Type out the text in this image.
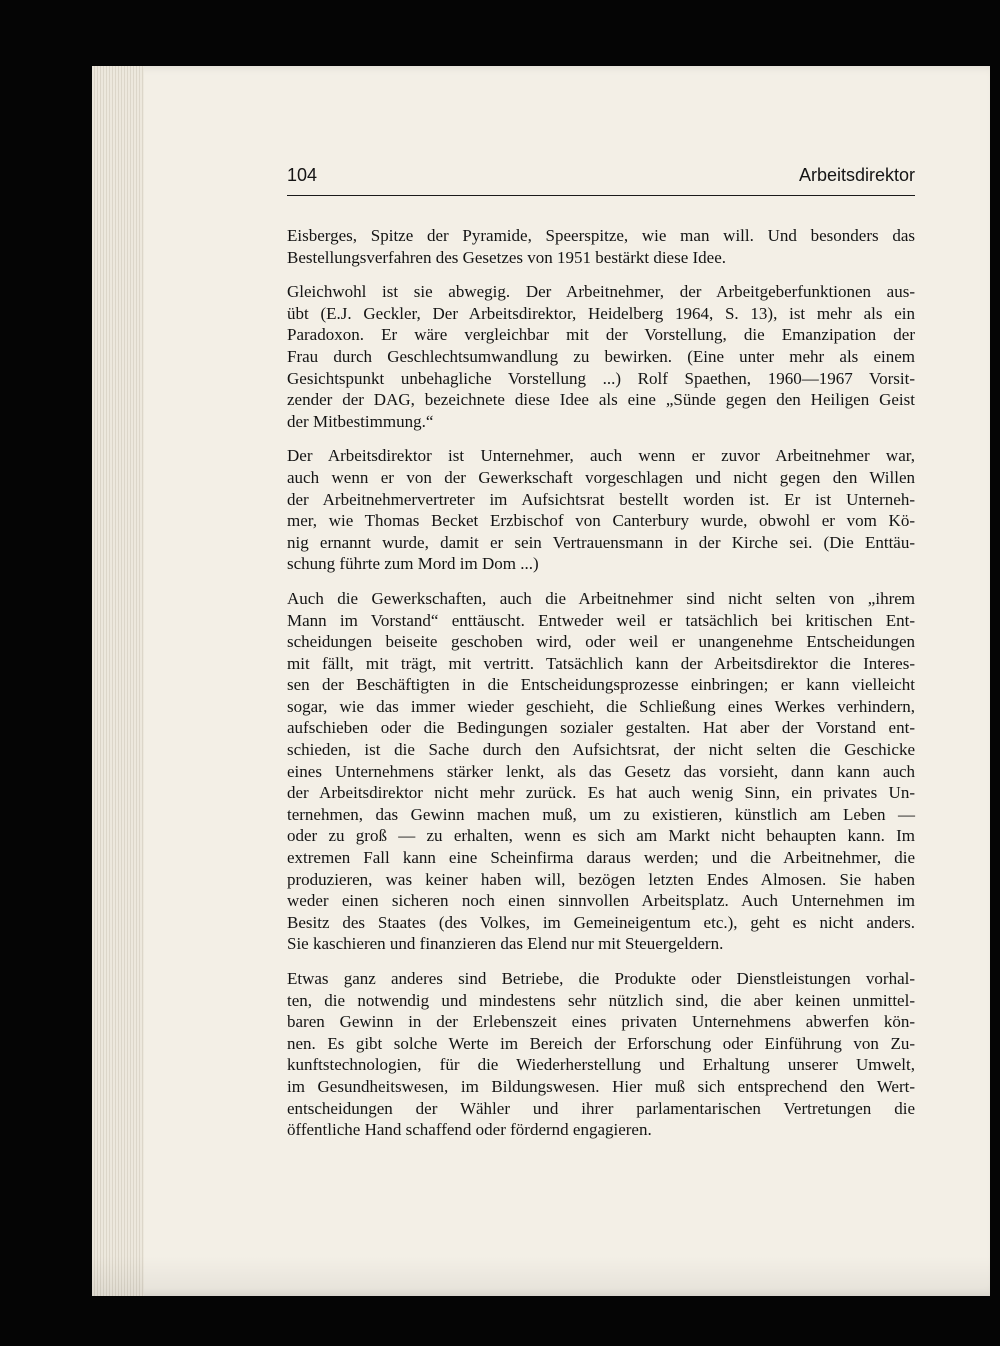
104	Arbeitsdirektor
Eisberges, Spitze der Pyramide, Speerspitze, wie man will. Und besonders das
Bestellungsverfahren des Gesetzes von 1951 bestärkt diese Idee.
Gleichwohl ist sie abwegig. Der Arbeitnehmer, der Arbeitgeberfunktionen aus-
übt (E.J. Geckler, Der Arbeitsdirektor, Heidelberg 1964, S. 13), ist mehr als ein
Paradoxon. Er wäre vergleichbar mit der Vorstellung, die Emanzipation der
Frau durch Geschlechtsumwandlung zu bewirken. (Eine unter mehr als einem
Gesichtspunkt unbehagliche Vorstellung ...) Rolf Spaethen, 1960—1967 Vorsit-
zender der DAG, bezeichnete diese Idee als eine „Sünde gegen den Heiligen Geist
der Mitbestimmung.“
Der Arbeitsdirektor ist Unternehmer, auch wenn er zuvor Arbeitnehmer war,
auch wenn er von der Gewerkschaft vorgeschlagen und nicht gegen den Willen
der Arbeitnehmervertreter im Aufsichtsrat bestellt worden ist. Er ist Unterneh-
mer, wie Thomas Becket Erzbischof von Canterbury wurde, obwohl er vom Kö-
nig ernannt wurde, damit er sein Vertrauensmann in der Kirche sei. (Die Enttäu-
schung führte zum Mord im Dom ...)
Auch die Gewerkschaften, auch die Arbeitnehmer sind nicht selten von „ihrem
Mann im Vorstand“ enttäuscht. Entweder weil er tatsächlich bei kritischen Ent-
scheidungen beiseite geschoben wird, oder weil er unangenehme Entscheidungen
mit fällt, mit trägt, mit vertritt. Tatsächlich kann der Arbeitsdirektor die Interes-
sen der Beschäftigten in die Entscheidungsprozesse einbringen; er kann vielleicht
sogar, wie das immer wieder geschieht, die Schließung eines Werkes verhindern,
aufschieben oder die Bedingungen sozialer gestalten. Hat aber der Vorstand ent-
schieden, ist die Sache durch den Aufsichtsrat, der nicht selten die Geschicke
eines Unternehmens stärker lenkt, als das Gesetz das vorsieht, dann kann auch
der Arbeitsdirektor nicht mehr zurück. Es hat auch wenig Sinn, ein privates Un-
ternehmen, das Gewinn machen muß, um zu existieren, künstlich am Leben —
oder zu groß — zu erhalten, wenn es sich am Markt nicht behaupten kann. Im
extremen Fall kann eine Scheinfirma daraus werden; und die Arbeitnehmer, die
produzieren, was keiner haben will, bezögen letzten Endes Almosen. Sie haben
weder einen sicheren noch einen sinnvollen Arbeitsplatz. Auch Unternehmen im
Besitz des Staates (des Volkes, im Gemeineigentum etc.), geht es nicht anders.
Sie kaschieren und finanzieren das Elend nur mit Steuergeldern.
Etwas ganz anderes sind Betriebe, die Produkte oder Dienstleistungen vorhal-
ten, die notwendig und mindestens sehr nützlich sind, die aber keinen unmittel-
baren Gewinn in der Erlebenszeit eines privaten Unternehmens abwerfen kön-
nen. Es gibt solche Werte im Bereich der Erforschung oder Einführung von Zu-
kunftstechnologien, für die Wiederherstellung und Erhaltung unserer Umwelt,
im Gesundheitswesen, im Bildungswesen. Hier muß sich entsprechend den Wert-
entscheidungen der Wähler und ihrer parlamentarischen Vertretungen die
öffentliche Hand schaffend oder fördernd engagieren.
